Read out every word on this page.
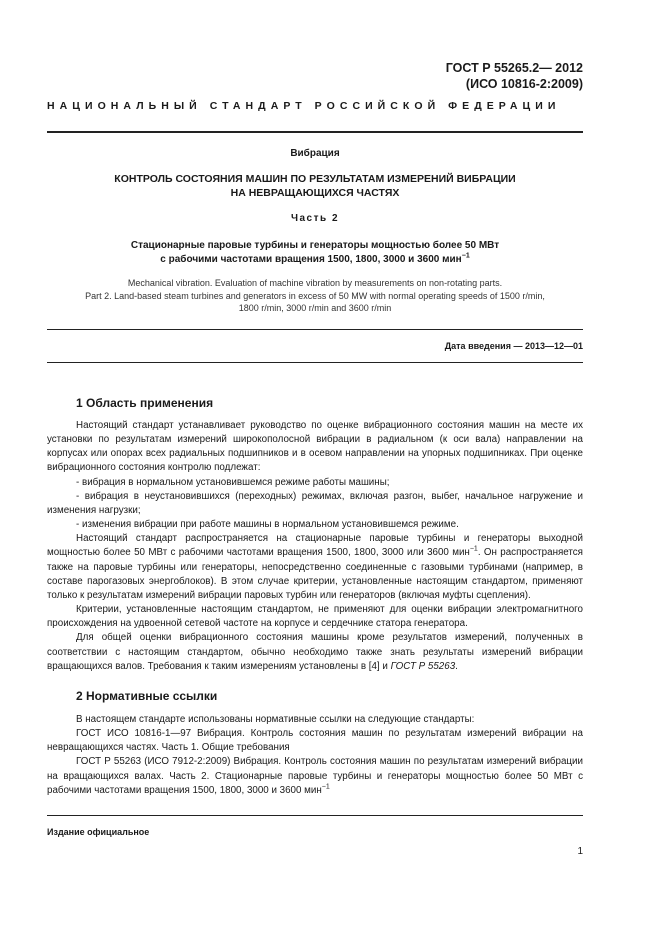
ГОСТ Р 55265.2— 2012
(ИСО 10816-2:2009)
НАЦИОНАЛЬНЫЙ СТАНДАРТ РОССИЙСКОЙ ФЕДЕРАЦИИ
Вибрация
КОНТРОЛЬ СОСТОЯНИЯ МАШИН ПО РЕЗУЛЬТАТАМ ИЗМЕРЕНИЙ ВИБРАЦИИ
НА НЕВРАЩАЮЩИХСЯ ЧАСТЯХ
Часть 2
Стационарные паровые турбины и генераторы мощностью более 50 МВт
с рабочими частотами вращения 1500, 1800, 3000 и 3600 мин$^{-1}$
Mechanical vibration. Evaluation of machine vibration by measurements on non-rotating parts.
Part 2. Land-based steam turbines and generators in excess of 50 MW with normal operating speeds of 1500 r/min,
1800 r/min, 3000 r/min and 3600 r/min
Дата введения — 2013—12—01
1 Область применения

Настоящий стандарт устанавливает руководство по оценке вибрационного состояния машин на месте их установки по результатам измерений широкополосной вибрации в радиальном (к оси вала) направлении на корпусах или опорах всех радиальных подшипников и в осевом направлении на упорных подшипниках. При оценке вибрационного состояния контролю подлежат:

- вибрация в нормальном установившемся режиме работы машины;

- вибрация в неустановившихся (переходных) режимах, включая разгон, выбег, начальное нагружение и изменения нагрузки;

- изменения вибрации при работе машины в нормальном установившемся режиме.

Настоящий стандарт распространяется на стационарные паровые турбины и генераторы выходной мощностью более 50 МВт с рабочими частотами вращения 1500, 1800, 3000 или 3600 мин$^{-1}$. Он распространяется также на паровые турбины или генераторы, непосредственно соединенные с газовыми турбинами (например, в составе парогазовых энергоблоков). В этом случае критерии, установленные настоящим стандартом, применяют только к результатам измерений вибрации паровых турбин или генераторов (включая муфты сцепления).

Критерии, установленные настоящим стандартом, не применяют для оценки вибрации электромагнитного происхождения на удвоенной сетевой частоте на корпусе и сердечнике статора генератора.

Для общей оценки вибрационного состояния машины кроме результатов измерений, полученных в соответствии с настоящим стандартом, обычно необходимо также знать результаты измерений вибрации вращающихся валов. Требования к таким измерениям установлены в [4] и ГОСТ Р 55263.

2 Нормативные ссылки

В настоящем стандарте использованы нормативные ссылки на следующие стандарты:

ГОСТ ИСО 10816-1—97 Вибрация. Контроль состояния машин по результатам измерений вибрации на невращающихся частях. Часть 1. Общие требования

ГОСТ Р 55263 (ИСО 7912-2:2009) Вибрация. Контроль состояния машин по результатам измерений вибрации на вращающихся валах. Часть 2. Стационарные паровые турбины и генераторы мощностью более 50 МВт с рабочими частотами вращения 1500, 1800, 3000 и 3600 мин$^{-1}$

Издание официальное
1
